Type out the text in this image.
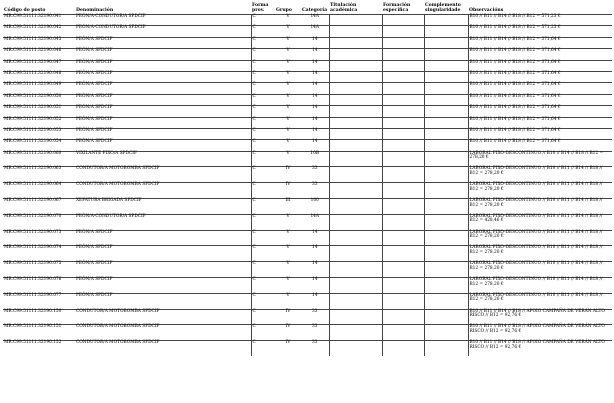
Código do posto	Denominación	Forma prov.	Grupo	Categoría	Titulación académica	Formación específica	Complemento singularidade	Observacións
MR.C99.51111.32190.041	PEÓN/A-CONDUTOR/A SPDCIF	C	V	14A				B10 // B11 // B14 // B18 // B12 = 571,23 €
MR.C99.51111.32190.042	PEÓN/A-CONDUTOR/A SPDCIF	C	V	14A				B10 // B11 // B14 // B18 // B12 = 571,23 €
MR.C99.51111.32190.045	PEÓN/A SPDCIF	C	V	14				B10 // B11 // B14 // B18 // B12 = 371,64 €
MR.C99.51111.32190.046	PEÓN/A SPDCIF	C	V	14				B10 // B11 // B14 // B18 // B12 = 371,64 €
MR.C99.51111.32190.047	PEÓN/A SPDCIF	C	V	14				B10 // B11 // B14 // B18 // B12 = 371,64 €
MR.C99.51111.32190.048	PEÓN/A SPDCIF	C	V	14				B10 // B11 // B14 // B18 // B12 = 371,64 €
MR.C99.51111.32190.049	PEÓN/A SPDCIF	C	V	14				B10 // B11 // B14 // B18 // B12 = 371,64 €
MR.C99.51111.32190.050	PEÓN/A SPDCIF	C	V	14				B10 // B11 // B14 // B18 // B12 = 371,64 €
MR.C99.51111.32190.051	PEÓN/A SPDCIF	C	V	14				B10 // B11 // B14 // B18 // B12 = 371,64 €
MR.C99.51111.32190.052	PEÓN/A SPDCIF	C	V	14				B10 // B11 // B14 // B18 // B12 = 371,64 €
MR.C99.51111.32190.053	PEÓN/A SPDCIF	C	V	14				B10 // B11 // B14 // B18 // B12 = 371,64 €
MR.C99.51111.32190.054	PEÓN/A SPDCIF	C	V	14				B10 // B11 // B14 // B18 // B12 = 371,64 €
MR.C99.51111.32190.060	VIXILANTE FIXO/A SPDCIF	C	V	10B				LABORAL FIXO-DESCONTINUO // B10 // B14 // B18 // B12 = 278,20 €
MR.C99.51111.32190.063	CONDUTOR/A MOTOBOMBA SPDCIF	C	IV	33				LABORAL FIXO-DESCONTINUO // B10 // B11 // B14 // B18 // B12 = 278,20 €
MR.C99.51111.32190.064	CONDUTOR/A MOTOBOMBA SPDCIF	C	IV	33				LABORAL FIXO-DESCONTINUO // B10 // B11 // B14 // B18 // B12 = 278,20 €
MR.C99.51111.32190.067	XEFATURA BRIGADA SPDCIF	C	III	100				LABORAL FIXO-DESCONTINUO // B10 // B11 // B14 // B18 // B12 = 278,20 €
MR.C99.51111.32190.070	PEÓN/A-CONDUTOR/A SPDCIF	C	V	14A				LABORAL FIXO-DESCONTINUO // B10 // B11 // B14 // B18 // B12 = 428,46 €
MR.C99.51111.32190.073	PEÓN/A SPDCIF	C	V	14				LABORAL FIXO-DESCONTINUO // B10 // B11 // B14 // B18 // B12 = 278,20 €
MR.C99.51111.32190.074	PEÓN/A SPDCIF	C	V	14				LABORAL FIXO-DESCONTINUO // B10 // B11 // B14 // B18 // B12 = 278,20 €
MR.C99.51111.32190.075	PEÓN/A SPDCIF	C	V	14				LABORAL FIXO-DESCONTINUO // B10 // B11 // B14 // B18 // B12 = 278,20 €
MR.C99.51111.32190.076	PEÓN/A SPDCIF	C	V	14				LABORAL FIXO-DESCONTINUO // B10 // B11 // B14 // B18 // B12 = 278,20 €
MR.C99.51111.32190.077	PEÓN/A SPDCIF	C	V	14				LABORAL FIXO-DESCONTINUO // B10 // B11 // B14 // B18 // B12 = 278,20 €
MR.C99.51111.32190.150	CONDUTOR/A MOTOBOMBA SPDCIF	C	IV	33				B10 // B11 // B14 // B18 // APOIO CAMPAÑA DE VERÁN ALTO RISCO // B12 = 92,76 €
MR.C99.51111.32190.151	CONDUTOR/A MOTOBOMBA SPDCIF	C	IV	33				B10 // B11 // B14 // B18 // APOIO CAMPAÑA DE VERÁN ALTO RISCO // B12 = 92,76 €
MR.C99.51111.32190.152	CONDUTOR/A MOTOBOMBA SPDCIF	C	IV	33				B10 // B11 // B14 // B18 // APOIO CAMPAÑA DE VERÁN ALTO RISCO // B12 = 92,76 €
